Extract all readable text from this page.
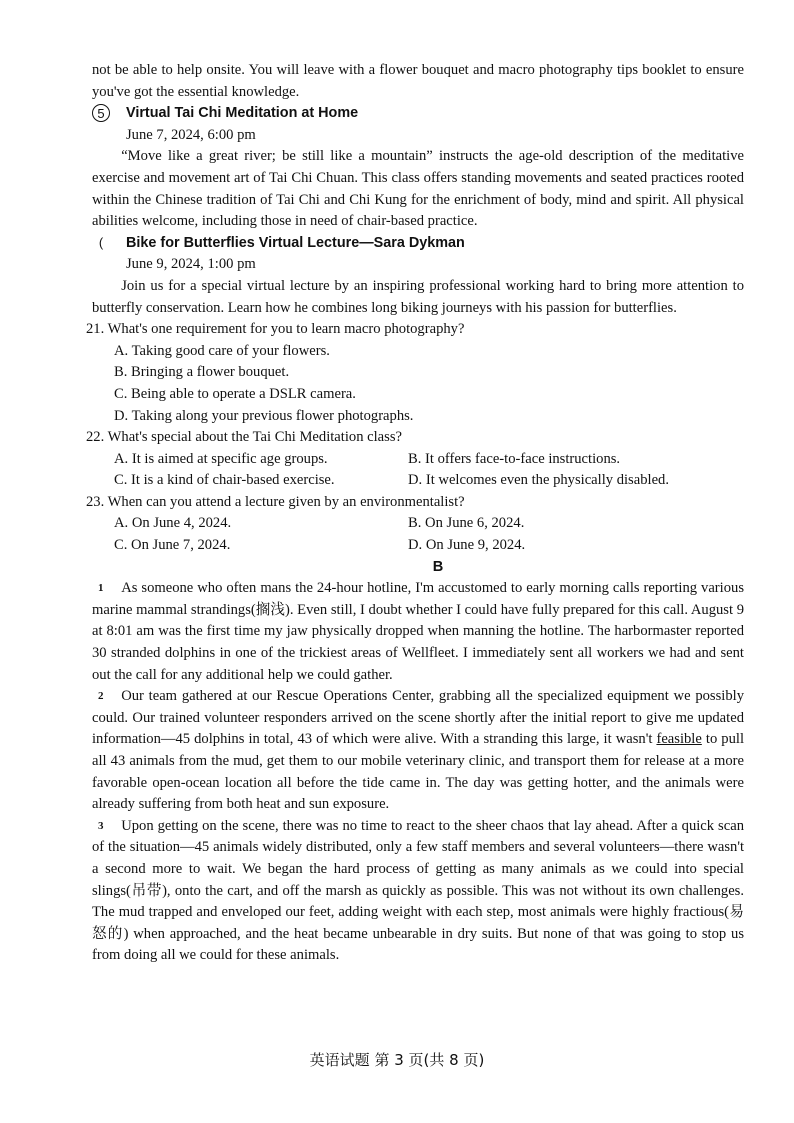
not be able to help onsite. You will leave with a flower bouquet and macro photography tips booklet to ensure you've got the essential knowledge.

5	Virtual Tai Chi Meditation at Home

June 7, 2024, 6:00 pm

“Move like a great river; be still like a mountain” instructs the age-old description of the meditative exercise and movement art of Tai Chi Chuan. This class offers standing movements and seated practices rooted within the Chinese tradition of Tai Chi and Chi Kung for the enrichment of body, mind and spirit. All physical abilities welcome, including those in need of chair-based practice.

(	Bike for Butterflies Virtual Lecture—Sara Dykman

June 9, 2024, 1:00 pm

Join us for a special virtual lecture by an inspiring professional working hard to bring more attention to butterfly conservation. Learn how he combines long biking journeys with his passion for butterflies.

21. What's one requirement for you to learn macro photography?

A. Taking good care of your flowers.

B. Bringing a flower bouquet.

C. Being able to operate a DSLR camera.

D. Taking along your previous flower photographs.

22. What's special about the Tai Chi Meditation class?

A. It is aimed at specific age groups.	B. It offers face-to-face instructions.
C. It is a kind of chair-based exercise.	D. It welcomes even the physically disabled.

23. When can you attend a lecture given by an environmentalist?

A. On June 4, 2024.	B. On June 6, 2024.
C. On June 7, 2024.	D. On June 9, 2024.

B

1 As someone who often mans the 24-hour hotline, I'm accustomed to early morning calls reporting various marine mammal strandings(搁浅). Even still, I doubt whether I could have fully prepared for this call. August 9 at 8:01 am was the first time my jaw physically dropped when manning the hotline. The harbormaster reported 30 stranded dolphins in one of the trickiest areas of Wellfleet. I immediately sent all workers we had and sent out the call for any additional help we could gather.

2 Our team gathered at our Rescue Operations Center, grabbing all the specialized equipment we possibly could. Our trained volunteer responders arrived on the scene shortly after the initial report to give me updated information—45 dolphins in total, 43 of which were alive. With a stranding this large, it wasn't feasible to pull all 43 animals from the mud, get them to our mobile veterinary clinic, and transport them for release at a more favorable open-ocean location all before the tide came in. The day was getting hotter, and the animals were already suffering from both heat and sun exposure.

3 Upon getting on the scene, there was no time to react to the sheer chaos that lay ahead. After a quick scan of the situation—45 animals widely distributed, only a few staff members and several volunteers—there wasn't a second more to wait. We began the hard process of getting as many animals as we could into special slings(吊带), onto the cart, and off the marsh as quickly as possible. This was not without its own challenges. The mud trapped and enveloped our feet, adding weight with each step, most animals were highly fractious(易怒的) when approached, and the heat became unbearable in dry suits. But none of that was going to stop us from doing all we could for these animals.

英语试题 第 3 页(共 8 页)
